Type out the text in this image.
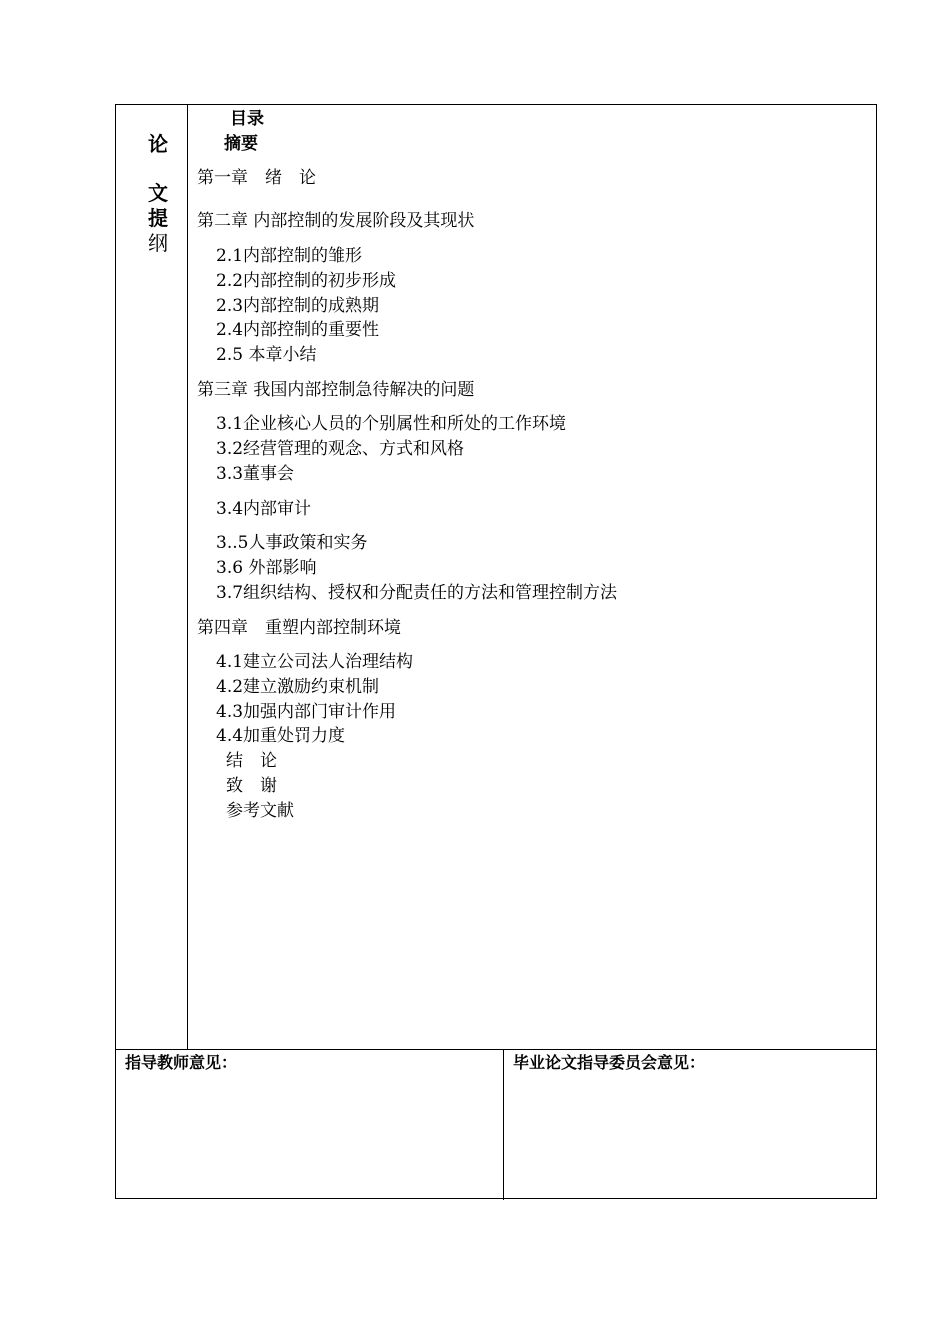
论
文
提
纲
目录
摘要
第一章　绪　论
第二章 内部控制的发展阶段及其现状
2.1内部控制的雏形
2.2内部控制的初步形成
2.3内部控制的成熟期
2.4内部控制的重要性
2.5 本章小结
第三章 我国内部控制急待解决的问题
3.1企业核心人员的个别属性和所处的工作环境
3.2经营管理的观念、方式和风格
3.3董事会
3.4内部审计
3..5人事政策和实务
3.6 外部影响
3.7组织结构、授权和分配责任的方法和管理控制方法
第四章　重塑内部控制环境
4.1建立公司法人治理结构
4.2建立激励约束机制
4.3加强内部门审计作用
4.4加重处罚力度
结　论
致　谢
参考文献
指导教师意见：	毕业论文指导委员会意见：
